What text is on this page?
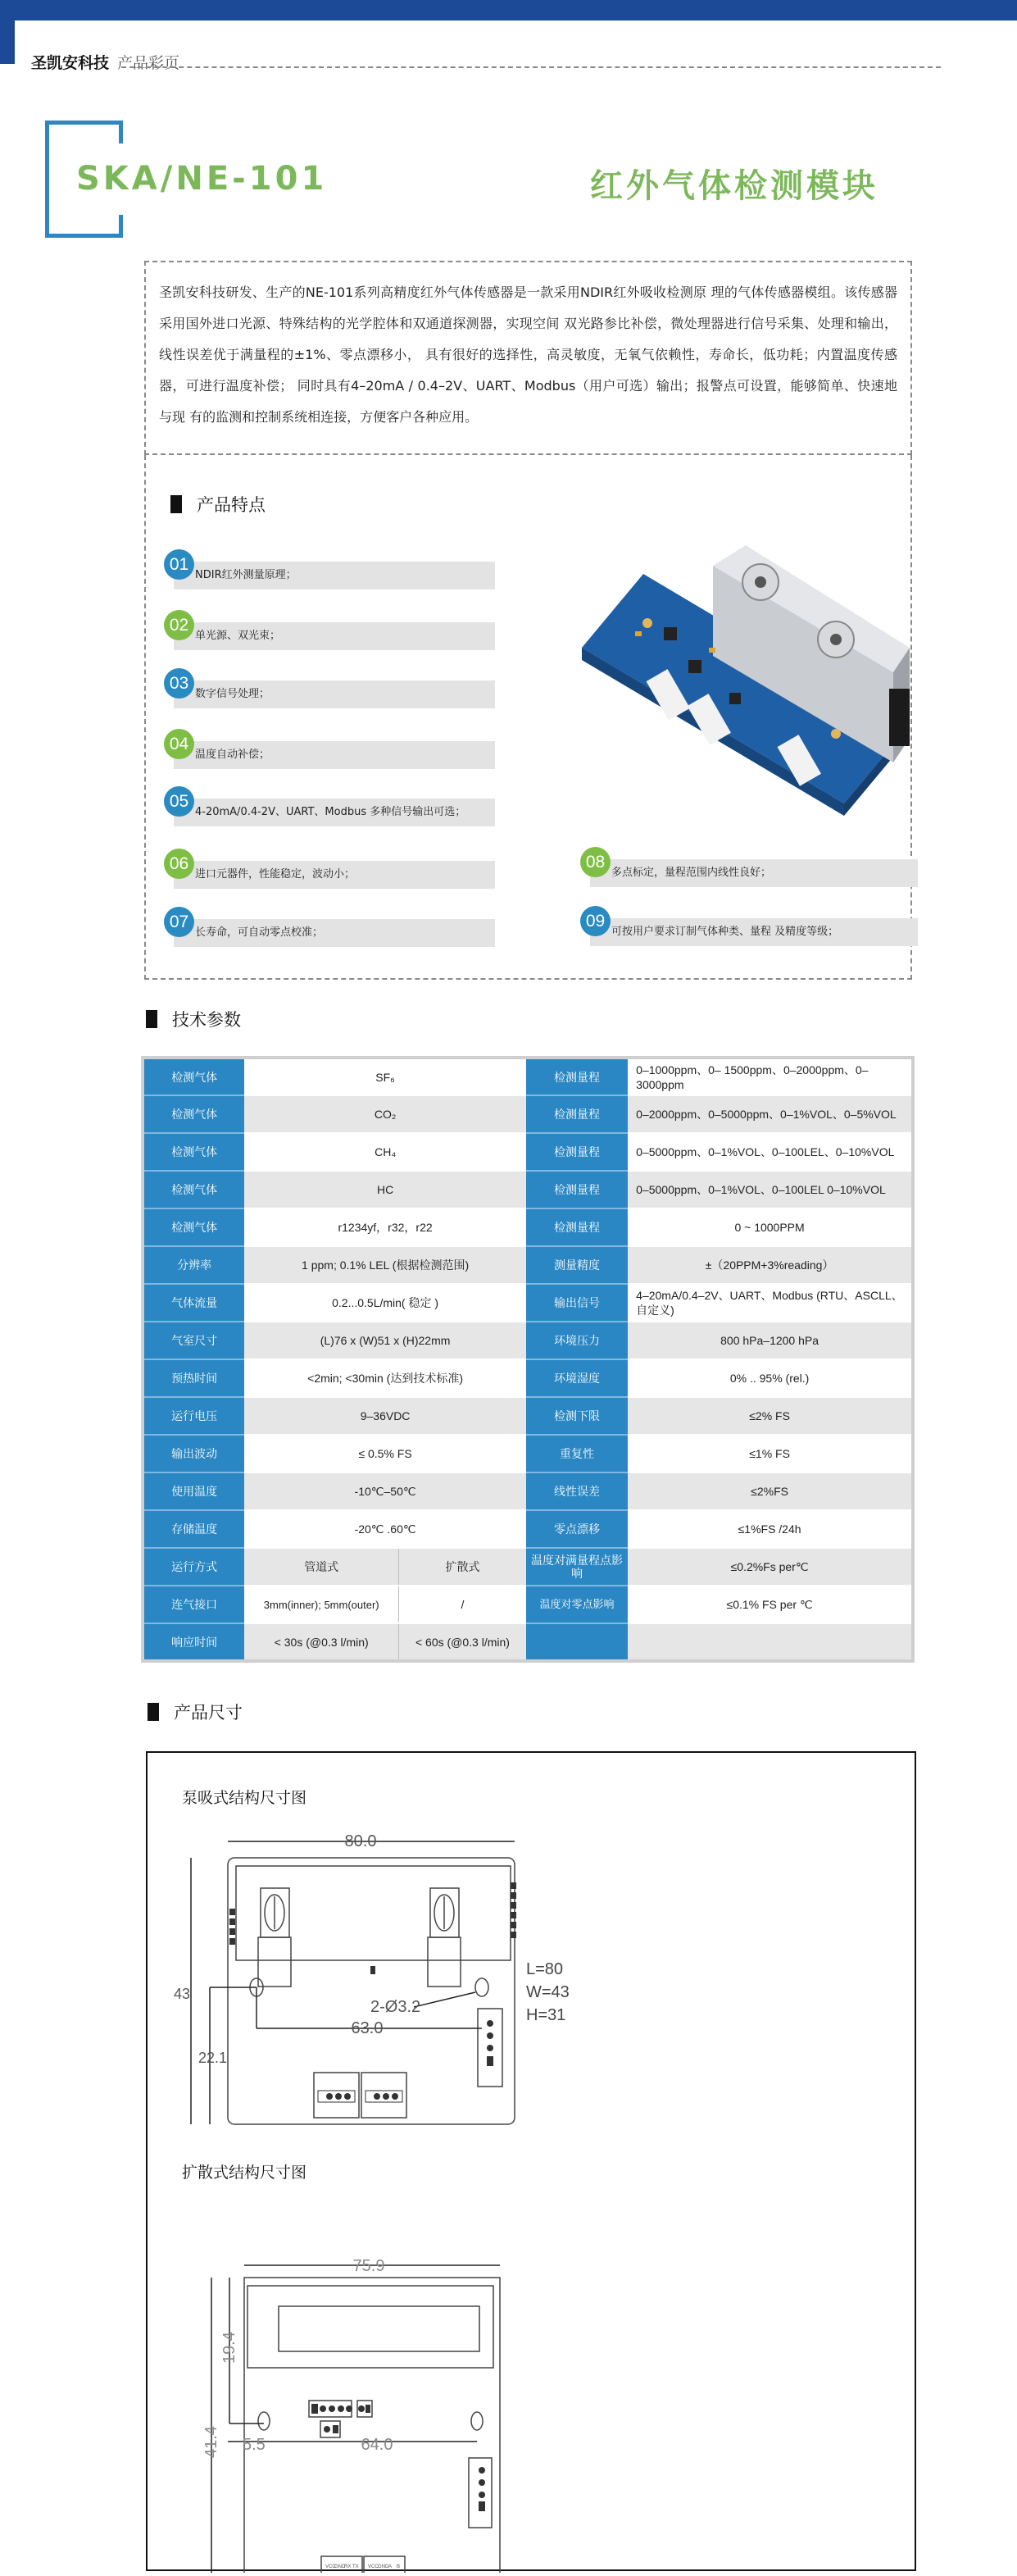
圣凯安科技 产品彩页
SKA/NE-101	红外气体检测模块
圣凯安科技研发、生产的NE-101系列高精度红外气体传感器是一款采用NDIR红外吸收检测原 理的气体传感器模组。该传感器采用国外进口光源、特殊结构的光学腔体和双通道探测器，实现空间 双光路参比补偿，微处理器进行信号采集、处理和输出，线性误差优于满量程的±1%、零点漂移小， 具有很好的选择性，高灵敏度，无氧气依赖性，寿命长，低功耗；内置温度传感器，可进行温度补偿； 同时具有4–20mA / 0.4–2V、UART、Modbus（用户可选）输出；报警点可设置，能够简单、快速地与现 有的监测和控制系统相连接，方便客户各种应用。
产品特点
01
NDIR红外测量原理；
02
单光源、双光束；
03
数字信号处理；
04
温度自动补偿；
05
4-20mA/0.4-2V、UART、Modbus 多种信号输出可选；
06
进口元器件，性能稳定，波动小；
07
长寿命，可自动零点校准；
08
多点标定，量程范围内线性良好；
09
可按用户要求订制气体种类、量程 及精度等级；
技术参数
检测气体	SF₆		检测量程	0–1000ppm、0– 1500ppm、0–2000ppm、0–3000ppm
检测气体	CO₂		检测量程	0–2000ppm、0–5000ppm、0–1%VOL、0–5%VOL
检测气体	CH₄		检测量程	0–5000ppm、0–1%VOL、0–100LEL、0–10%VOL
检测气体	HC		检测量程	0–5000ppm、0–1%VOL、0–100LEL 0–10%VOL
检测气体	r1234yf，r32，r22		检测量程	0 ~ 1000PPM
分辨率	1 ppm; 0.1% LEL (根据检测范围)		测量精度	±（20PPM+3%reading）
气体流量	0.2...0.5L/min( 稳定 )		输出信号	4–20mA/0.4–2V、UART、Modbus (RTU、ASCLL、自定义)
气室尺寸	(L)76 x (W)51 x (H)22mm		环境压力	800 hPa–1200 hPa
预热时间	<2min; <30min (达到技术标准)		环境湿度	0% .. 95% (rel.)
运行电压	9–36VDC		检测下限	≤2% FS
输出波动	≤ 0.5% FS		重复性	≤1% FS
使用温度	-10℃–50℃		线性误差	≤2%FS
存储温度	-20℃ .60℃		零点漂移	≤1%FS /24h
运行方式	管道式	扩散式	温度对满量程点影响	≤0.2%Fs per℃
连气接口	3mm(inner); 5mm(outer)	/	温度对零点影响	≤0.1% FS per ℃
响应时间	< 30s (@0.3 l/min)	< 60s (@0.3 l/min)		
产品尺寸
泵吸式结构尺寸图
80.0
43
22.1
63.0
2-Ø3.2
L=80
W=43
H=31
VCC
GND
RX TX VCC GND A B
75.9
41.4
19.4
5.5	64.0
扩散式结构尺寸图
